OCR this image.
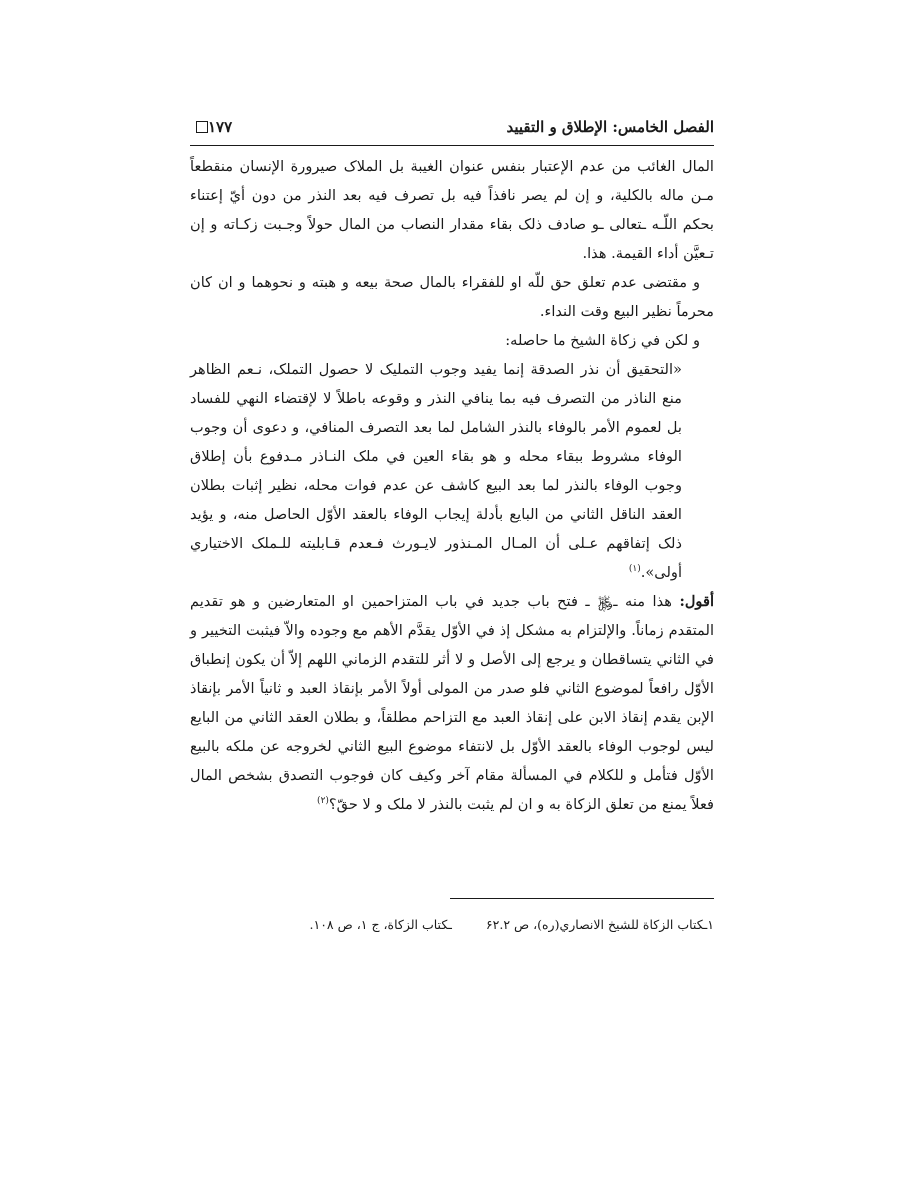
الفصل الخامس: الإطلاق و التقييد
۱۷۷

المال الغائب من عدم الإعتبار بنفس عنوان الغيبة بل الملاک صيرورة الإنسان منقطعاً مـن ماله بالكلية، و إن لم يصر نافذاً فيه بل تصرف فيه بعد النذر من دون أيّ إعتناء بحكم اللّـه ـتعالى ـو صادف ذلک بقاء مقدار النصاب من المال حولاً وجـبت زكـاته و إن تـعيَّن أداء القيمة. هذا.

و مقتضى عدم تعلق حق للّه او للفقراء بالمال صحة بيعه و هبته و نحوهما و ان كان محرماً نظير البيع وقت النداء.

و لكن في زكاة الشيخ ما حاصله:

«التحقيق أن نذر الصدقة إنما يفيد وجوب التمليک لا حصول التملک، نـعم الظاهر منع الناذر من التصرف فيه بما ينافي النذر و وقوعه باطلاً لا لإقتضاء النهي للفساد بل لعموم الأمر بالوفاء بالنذر الشامل لما بعد التصرف المنافي، و دعوى أن وجوب الوفاء مشروط ببقاء محله و هو بقاء العين في ملک النـاذر مـدفوع بأن إطلاق وجوب الوفاء بالنذر لما بعد البيع كاشف عن عدم فوات محله، نظير إثبات بطلان العقد الناقل الثاني من البايع بأدلة إيجاب الوفاء بالعقد الأوّل الحاصل منه، و يؤيد ذلک إتفاقهم عـلى أن المـال المـنذور لايـورث فـعدم قـابليته للـملک الاختياري أولى».$^{(۱)}$

أقول: هذا منه ـ﷿ ـ فتح باب جديد في باب المتزاحمين او المتعارضين و هو تقديم المتقدم زماناً. والإلتزام به مشكل إذ في الأوّل يقدَّم الأهم مع وجوده والاّ فيثبت التخيير و في الثاني يتساقطان و يرجع إلى الأصل و لا أثر للتقدم الزماني اللهم إلاّ أن يكون إنطباق الأوّل رافعاً لموضوع الثاني فلو صدر من المولى أولاً الأمر بإنقاذ العبد و ثانياً الأمر بإنقاذ الإبن يقدم إنقاذ الابن على إنقاذ العبد مع التزاحم مطلقاً، و بطلان العقد الثاني من البايع ليس لوجوب الوفاء بالعقد الأوّل بل لانتفاء موضوع البيع الثاني لخروجه عن ملكه بالبيع الأوّل فتأمل و للكلام في المسألة مقام آخر وكيف كان فوجوب التصدق بشخص المال فعلاً يمنع من تعلق الزكاة به و ان لم يثبت بالنذر لا ملک و لا حقّ؟$^{(۲)}$

۱ـكتاب الزكاة للشيخ الانصاري(ره)، ص ۶۲.۲ـكتاب الزكاة، ج ۱، ص ۱۰۸.
